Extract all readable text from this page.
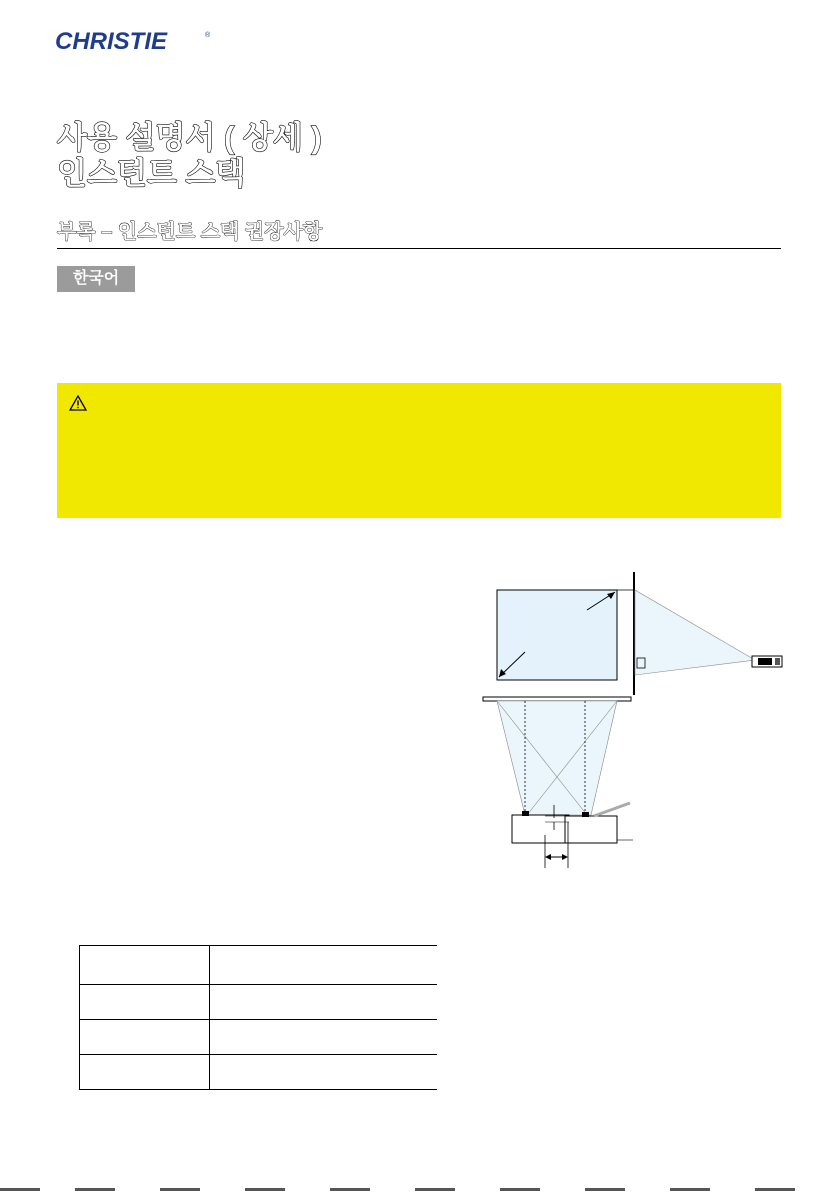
CHRISTIE	®
사용 설명서 ( 상세 )
인스턴트 스택
부록 – 인스턴트 스택 권장사항
한국어
